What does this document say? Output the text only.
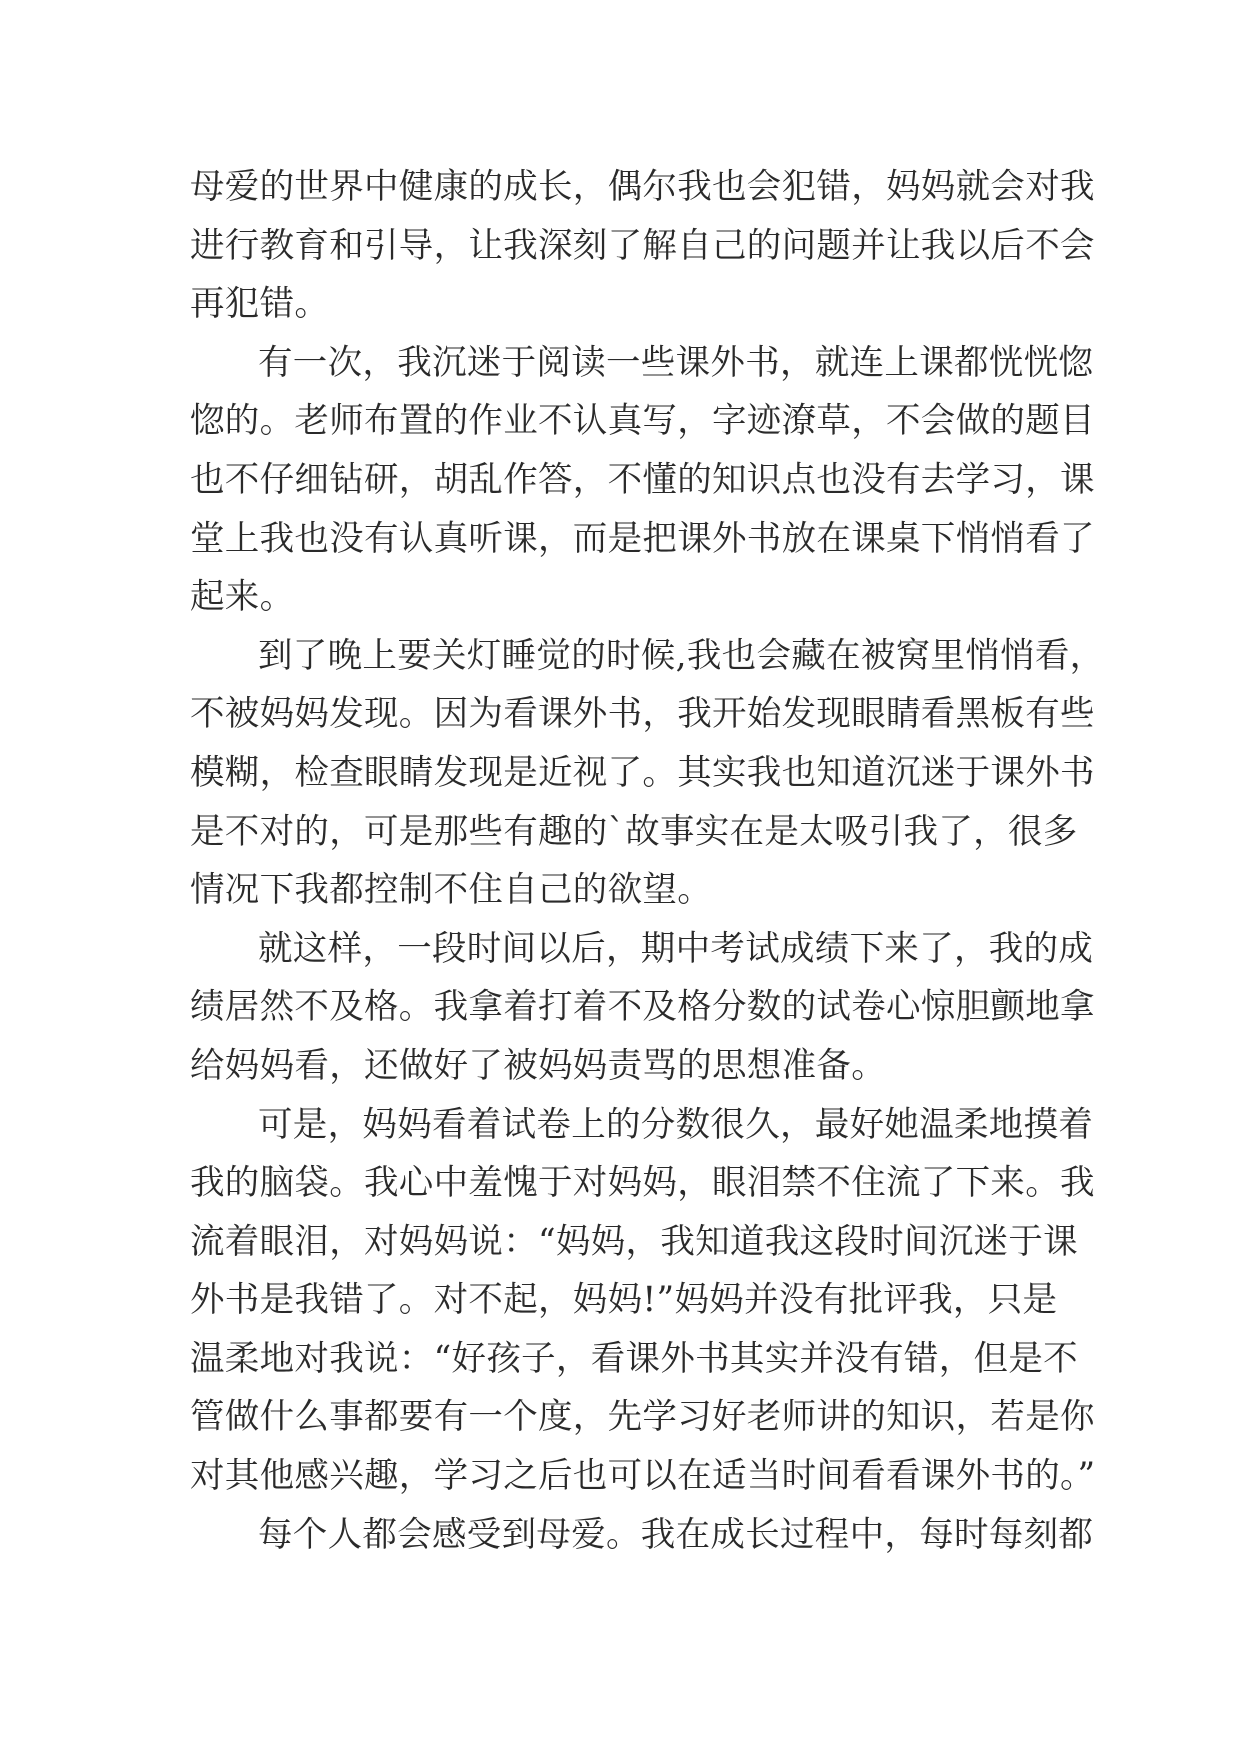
母爱的世界中健康的成长，偶尔我也会犯错，妈妈就会对我
进行教育和引导，让我深刻了解自己的问题并让我以后不会
再犯错。
有一次，我沉迷于阅读一些课外书，就连上课都恍恍惚
惚的。老师布置的作业不认真写，字迹潦草，不会做的题目
也不仔细钻研，胡乱作答，不懂的知识点也没有去学习，课
堂上我也没有认真听课，而是把课外书放在课桌下悄悄看了
起来。
到了晚上要关灯睡觉的时候,我也会藏在被窝里悄悄看，
不被妈妈发现。因为看课外书，我开始发现眼睛看黑板有些
模糊，检查眼睛发现是近视了。其实我也知道沉迷于课外书
是不对的，可是那些有趣的`故事实在是太吸引我了，很多
情况下我都控制不住自己的欲望。
就这样，一段时间以后，期中考试成绩下来了，我的成
绩居然不及格。我拿着打着不及格分数的试卷心惊胆颤地拿
给妈妈看，还做好了被妈妈责骂的思想准备。
可是，妈妈看着试卷上的分数很久，最好她温柔地摸着
我的脑袋。我心中羞愧于对妈妈，眼泪禁不住流了下来。我
流着眼泪，对妈妈说：“妈妈，我知道我这段时间沉迷于课
外书是我错了。对不起，妈妈!”妈妈并没有批评我，只是
温柔地对我说：“好孩子，看课外书其实并没有错，但是不
管做什么事都要有一个度，先学习好老师讲的知识，若是你
对其他感兴趣，学习之后也可以在适当时间看看课外书的。”
每个人都会感受到母爱。我在成长过程中，每时每刻都
